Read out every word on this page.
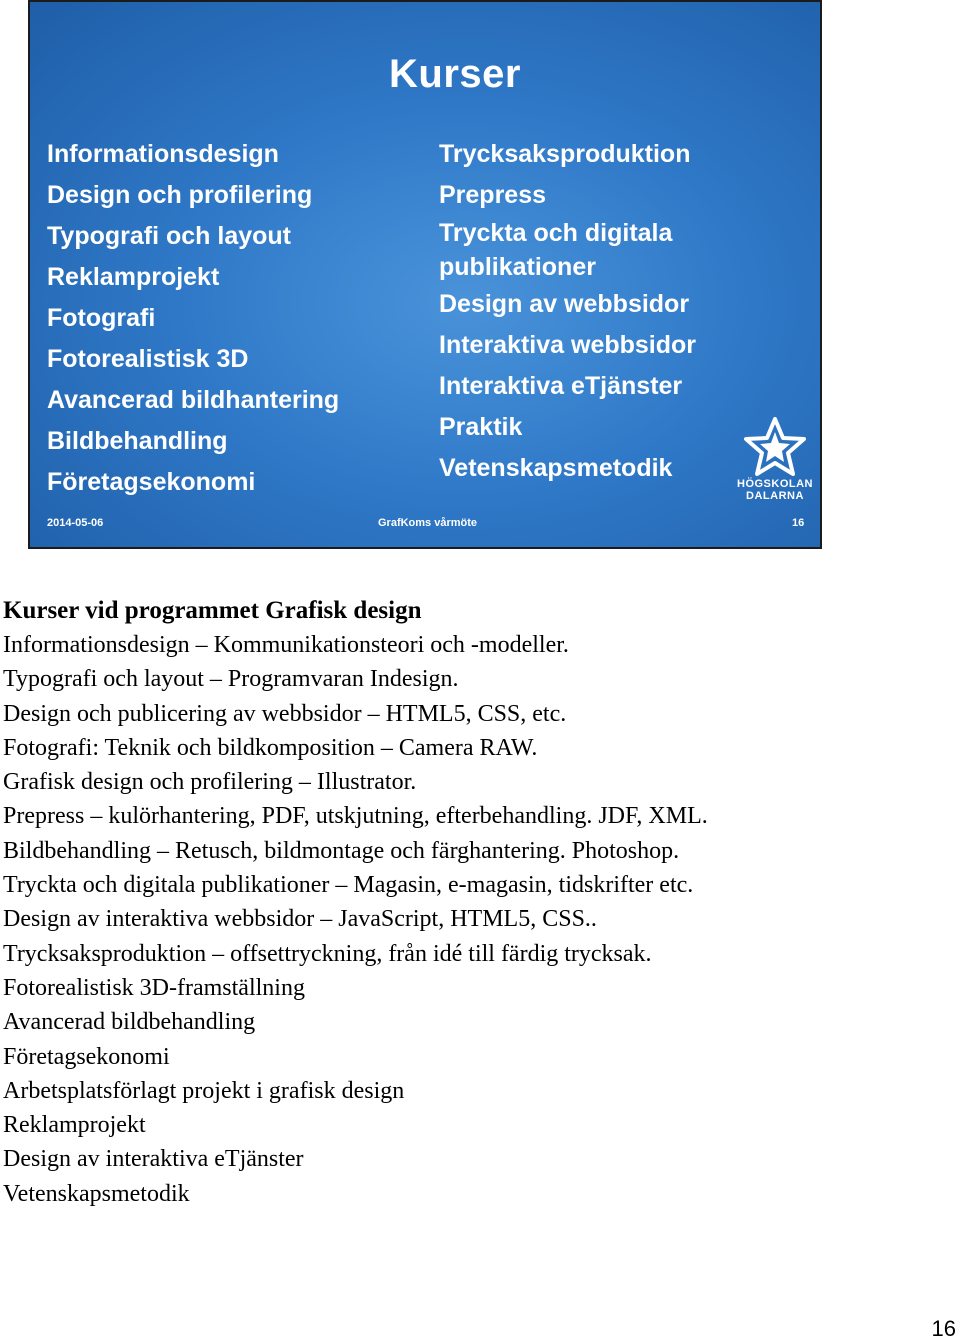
Kurser
Informationsdesign
Design och profilering
Typografi och layout
Reklamprojekt
Fotografi
Fotorealistisk 3D
Avancerad bildhantering
Bildbehandling
Företagsekonomi
Trycksaksproduktion
Prepress
Tryckta och digitala
publikationer
Design av webbsidor
Interaktiva webbsidor
Interaktiva eTjänster
Praktik
Vetenskapsmetodik
HÖGSKOLAN
DALARNA
2014-05-06	GrafKoms vårmöte	16

Kurser vid programmet Grafisk design

Informationsdesign – Kommunikationsteori och -modeller.

Typografi och layout – Programvaran Indesign.

Design och publicering av webbsidor – HTML5, CSS, etc.

Fotografi: Teknik och bildkomposition – Camera RAW.

Grafisk design och profilering – Illustrator.

Prepress – kulörhantering, PDF, utskjutning, efterbehandling. JDF, XML.

Bildbehandling – Retusch, bildmontage och färghantering. Photoshop.

Tryckta och digitala publikationer – Magasin, e-magasin, tidskrifter etc.

Design av interaktiva webbsidor – JavaScript, HTML5, CSS..

Trycksaksproduktion – offsettryckning, från idé till färdig trycksak.

Fotorealistisk 3D-framställning

Avancerad bildbehandling

Företagsekonomi

Arbetsplatsförlagt projekt i grafisk design

Reklamprojekt

Design av interaktiva eTjänster

Vetenskapsmetodik

16
